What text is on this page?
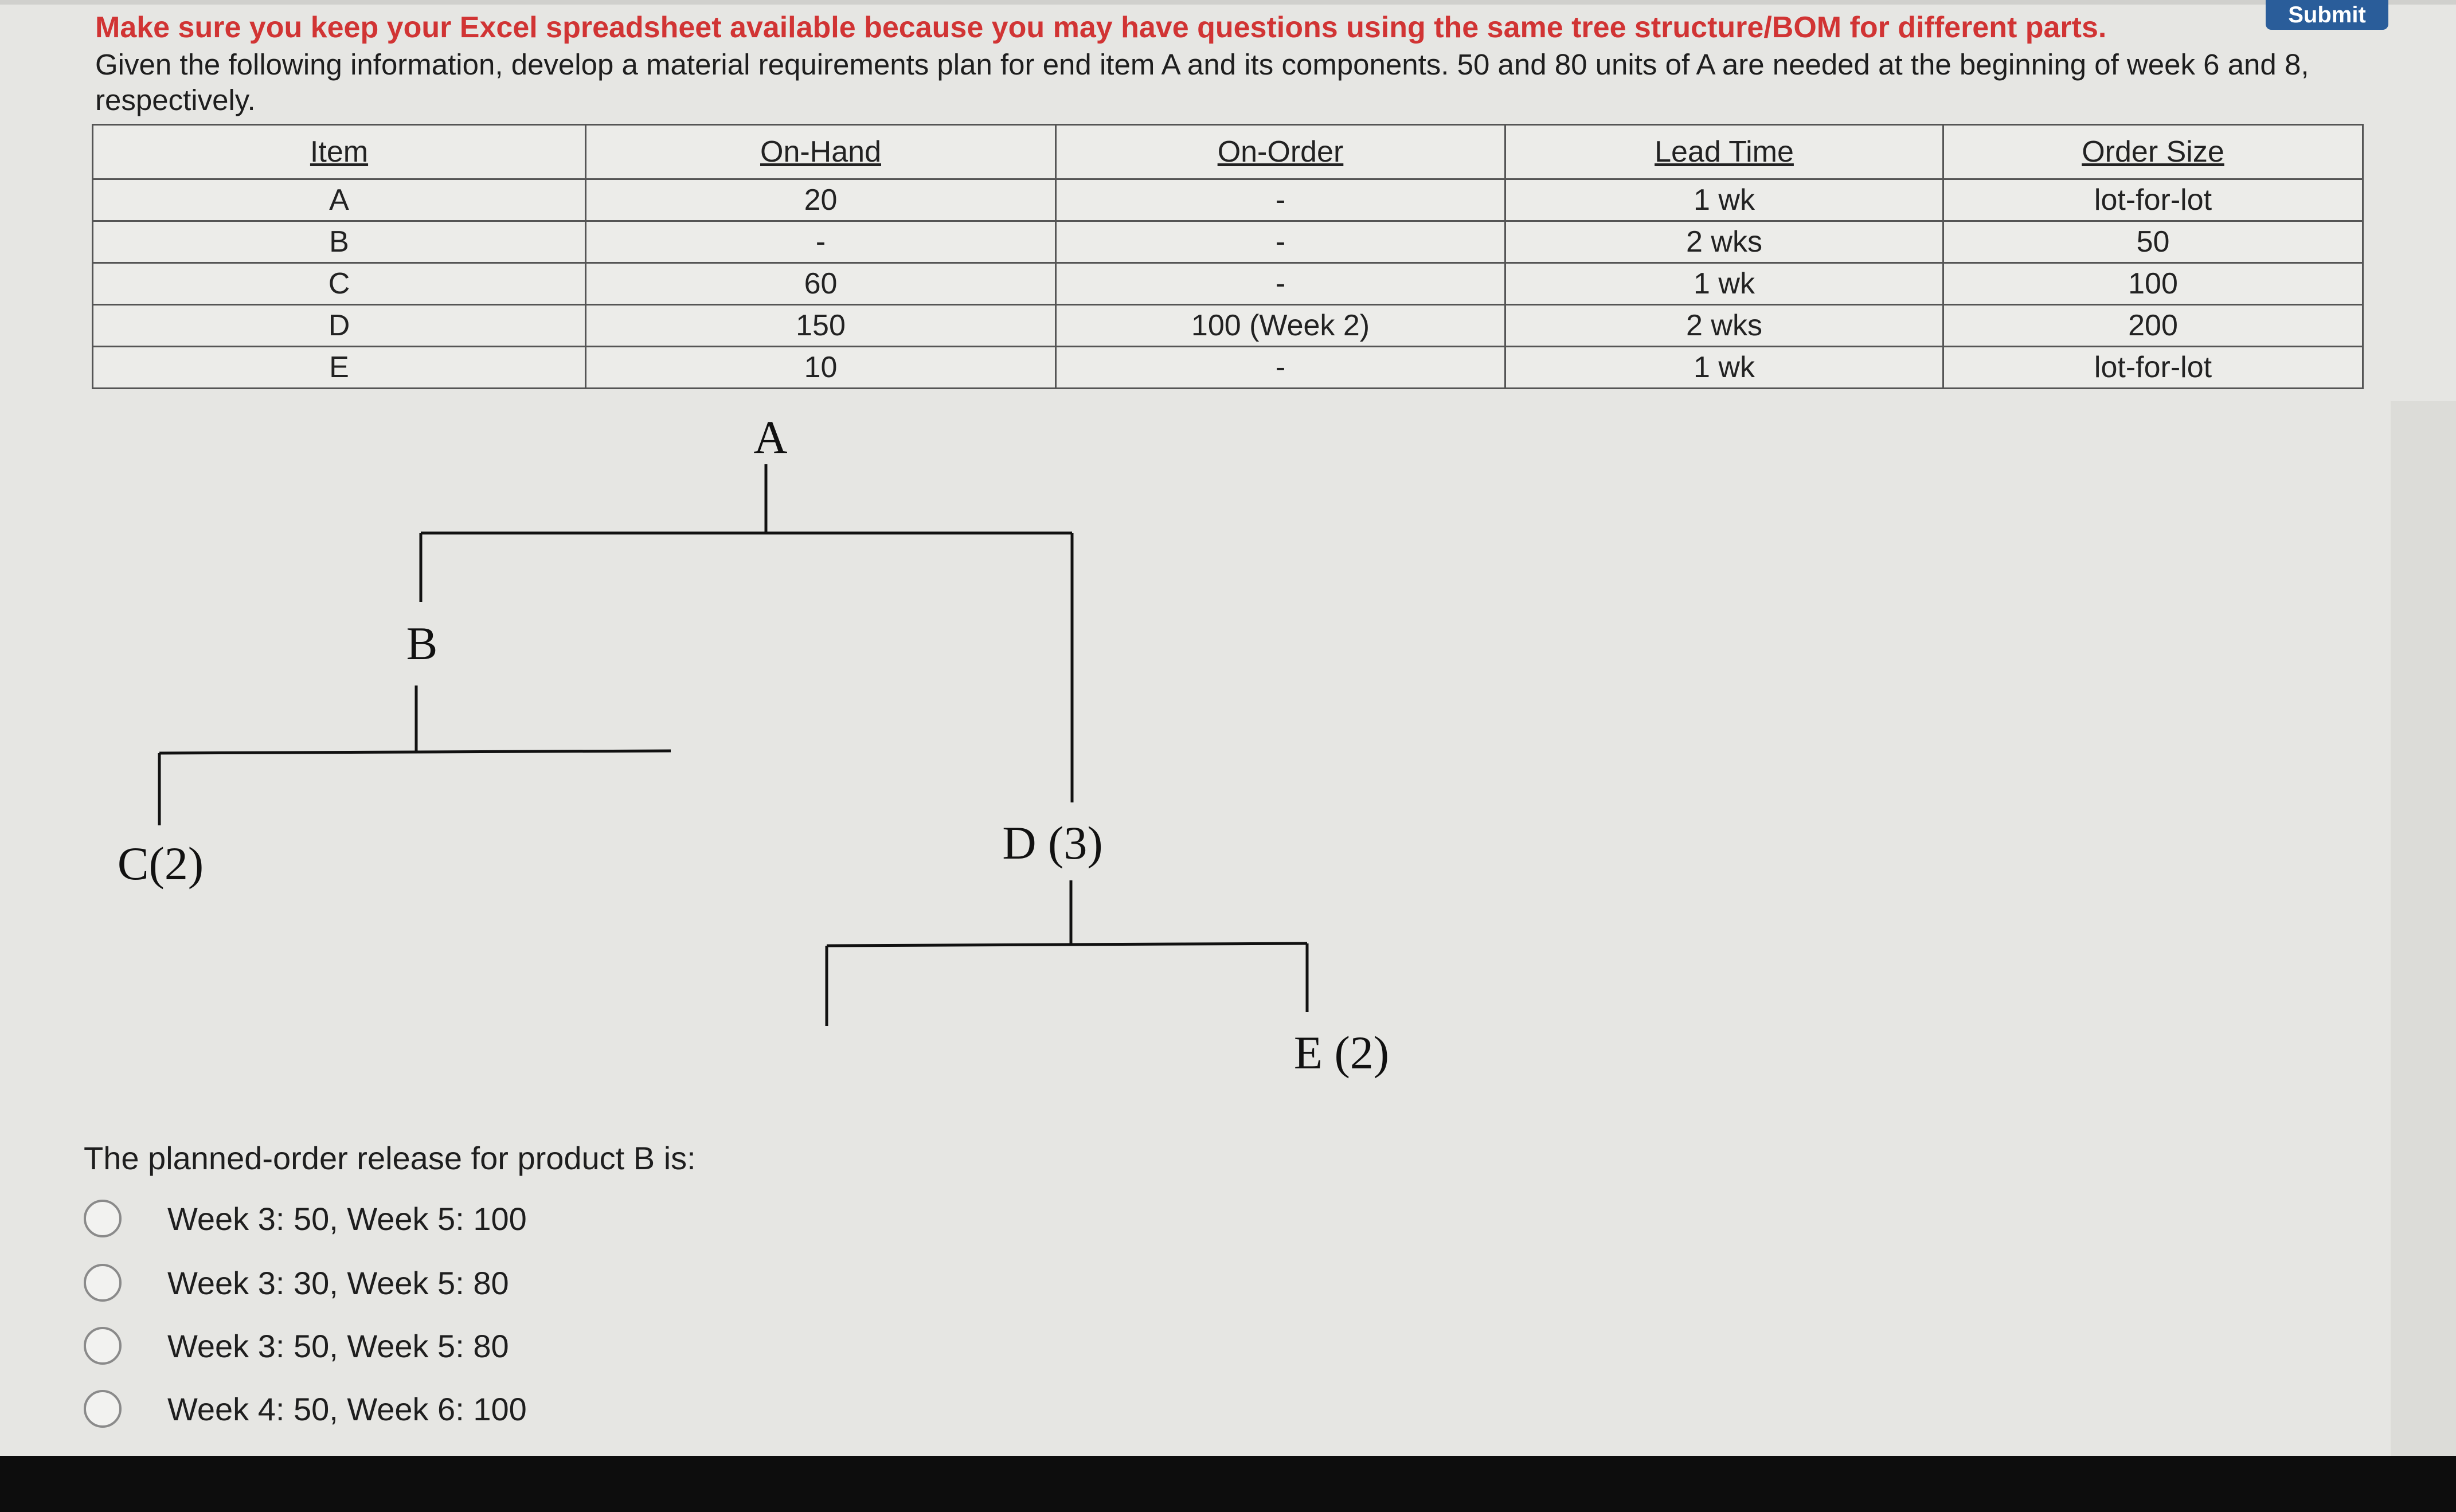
Submit
Make sure you keep your Excel spreadsheet available because you may have questions using the same tree structure/BOM for different parts.
Given the following information, develop a material requirements plan for end item A and its components. 50 and 80 units of A are needed at the beginning of week 6 and 8, respectively.
Item	On-Hand	On-Order	Lead Time	Order Size
A	20	-	1 wk	lot-for-lot
B	-	-	2 wks	50
C	60	-	1 wk	100
D	150	100 (Week 2)	2 wks	200
E	10	-	1 wk	lot-for-lot
A
B
C(2)	D (3)
E (2)
The planned-order release for product B is:
Week 3: 50, Week 5: 100
Week 3: 30, Week 5: 80
Week 3: 50, Week 5: 80
Week 4: 50, Week 6: 100
